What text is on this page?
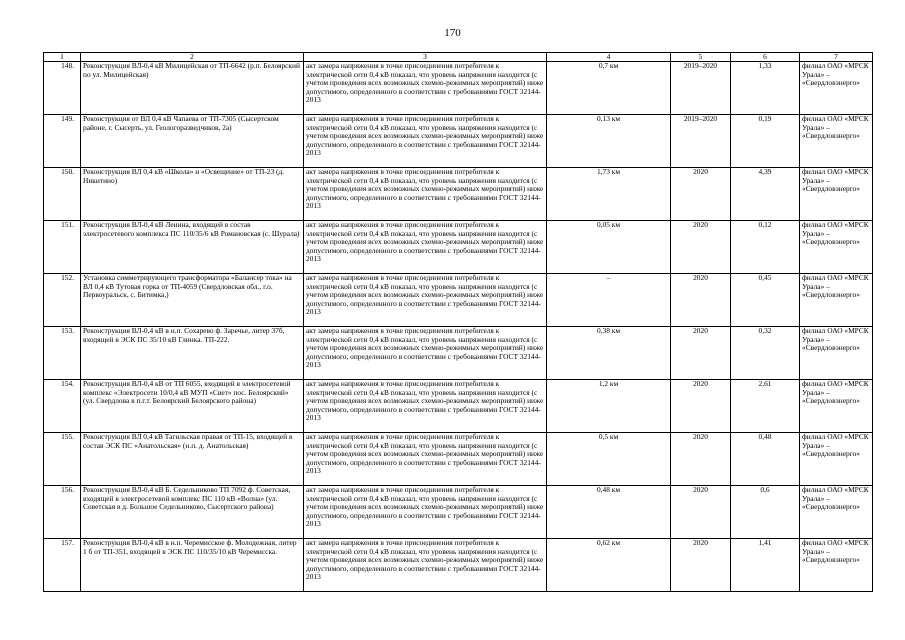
170
1	2	3	4	5	6	7
148.	Реконструкция ВЛ-0,4 кВ Милицейская от ТП-6642 (р.п. Белоярский по ул. Милицейская)	акт замера напряжения в точке присоединения потребителя к электрической сети 0,4 кВ показал, что уровень напряжения находится (с учетом проведения всех возможных схемно-режимных мероприятий) ниже допустимого, определенного в соответствии с требованиями ГОСТ 32144-2013	0,7 км	2019–2020	1,33	филиал ОАО «МРСК Урала» – «Свердловэнерго»
149.	Реконструкция от ВЛ 0,4 кВ Чапаева от ТП-7305 (Сысертском районе, г. Сысерть, ул. Геологоразведчиков, 2а)	акт замера напряжения в точке присоединения потребителя к электрической сети 0,4 кВ показал, что уровень напряжения находится (с учетом проведения всех возможных схемно-режимных мероприятий) ниже допустимого, определенного в соответствии с требованиями ГОСТ 32144-2013	0,13 км	2019–2020	0,19	филиал ОАО «МРСК Урала» – «Свердловэнерго»
150.	Реконструкция ВЛ 0,4 кВ «Школа» и «Освещение» от ТП-23 (д. Никитино)	акт замера напряжения в точке присоединения потребителя к электрической сети 0,4 кВ показал, что уровень напряжения находится (с учетом проведения всех возможных схемно-режимных мероприятий) ниже допустимого, определенного в соответствии с требованиями ГОСТ 32144-2013	1,73 км	2020	4,39	филиал ОАО «МРСК Урала» – «Свердловэнерго»
151.	Реконструкция ВЛ-0,4 кВ Ленина, входящей в состав электросетевого комплекса ПС 110/35/6 кВ Романовская (с. Шурала)	акт замера напряжения в точке присоединения потребителя к электрической сети 0,4 кВ показал, что уровень напряжения находится (с учетом проведения всех возможных схемно-режимных мероприятий) ниже допустимого, определенного в соответствии с требованиями ГОСТ 32144-2013	0,05 км	2020	0,12	филиал ОАО «МРСК Урала» – «Свердловэнерго»
152.	Установка симметрирующего трансформатора «Балансер тока» на ВЛ 0,4 кВ Тутовая горка от ТП-4059 (Свердловская обл., г.о. Первоуральск, с. Битимка,)	акт замера напряжения в точке присоединения потребителя к электрической сети 0,4 кВ показал, что уровень напряжения находится (с учетом проведения всех возможных схемно-режимных мероприятий) ниже допустимого, определенного в соответствии с требованиями ГОСТ 32144-2013	–	2020	0,45	филиал ОАО «МРСК Урала» – «Свердловэнерго»
153.	Реконструкция ВЛ-0,4 кВ в н.п. Сохарево ф. Заречье, литер 37б, входящей в ЭСК ПС 35/10 кВ Глинка. ТП-222.	акт замера напряжения в точке присоединения потребителя к электрической сети 0,4 кВ показал, что уровень напряжения находится (с учетом проведения всех возможных схемно-режимных мероприятий) ниже допустимого, определенного в соответствии с требованиями ГОСТ 32144-2013	0,38 км	2020	0,32	филиал ОАО «МРСК Урала» – «Свердловэнерго»
154.	Реконструкция ВЛ-0,4 кВ от ТП 6055, входящей в электросетевой комплекс «Электросети 10/0,4 кВ МУП «Свет» пос. Белоярский» (ул. Свердлова в п.г.т. Белоярский Белоярского района)	акт замера напряжения в точке присоединения потребителя к электрической сети 0,4 кВ показал, что уровень напряжения находится (с учетом проведения всех возможных схемно-режимных мероприятий) ниже допустимого, определенного в соответствии с требованиями ГОСТ 32144-2013	1,2 км	2020	2,61	филиал ОАО «МРСК Урала» – «Свердловэнерго»
155.	Реконструкция ВЛ 0,4 кВ Тагильская правая от ТП-15, входящей в состав ЭСК ПС «Анатольская» (н.п. д. Анатольская)	акт замера напряжения в точке присоединения потребителя к электрической сети 0,4 кВ показал, что уровень напряжения находится (с учетом проведения всех возможных схемно-режимных мероприятий) ниже допустимого, определенного в соответствии с требованиями ГОСТ 32144-2013	0,5 км	2020	0,48	филиал ОАО «МРСК Урала» – «Свердловэнерго»
156.	Реконструкция ВЛ-0,4 кВ Б. Седельниково ТП 7092 ф. Советская, входящей в электросетевой комплекс ПС 110 кВ «Волна» (ул. Советская в д. Большое Седельниково, Сысертского района)	акт замера напряжения в точке присоединения потребителя к электрической сети 0,4 кВ показал, что уровень напряжения находится (с учетом проведения всех возможных схемно-режимных мероприятий) ниже допустимого, определенного в соответствии с требованиями ГОСТ 32144-2013	0,48 км	2020	0,6	филиал ОАО «МРСК Урала» – «Свердловэнерго»
157.	Реконструкция ВЛ-0,4 кВ в н.п. Черемисское ф. Молодежная, литер 1 б от ТП-351, входящей в ЭСК ПС 110/35/10 кВ Черемисска.	акт замера напряжения в точке присоединения потребителя к электрической сети 0,4 кВ показал, что уровень напряжения находится (с учетом проведения всех возможных схемно-режимных мероприятий) ниже допустимого, определенного в соответствии с требованиями ГОСТ 32144-2013	0,62 км	2020	1,41	филиал ОАО «МРСК Урала» – «Свердловэнерго»
